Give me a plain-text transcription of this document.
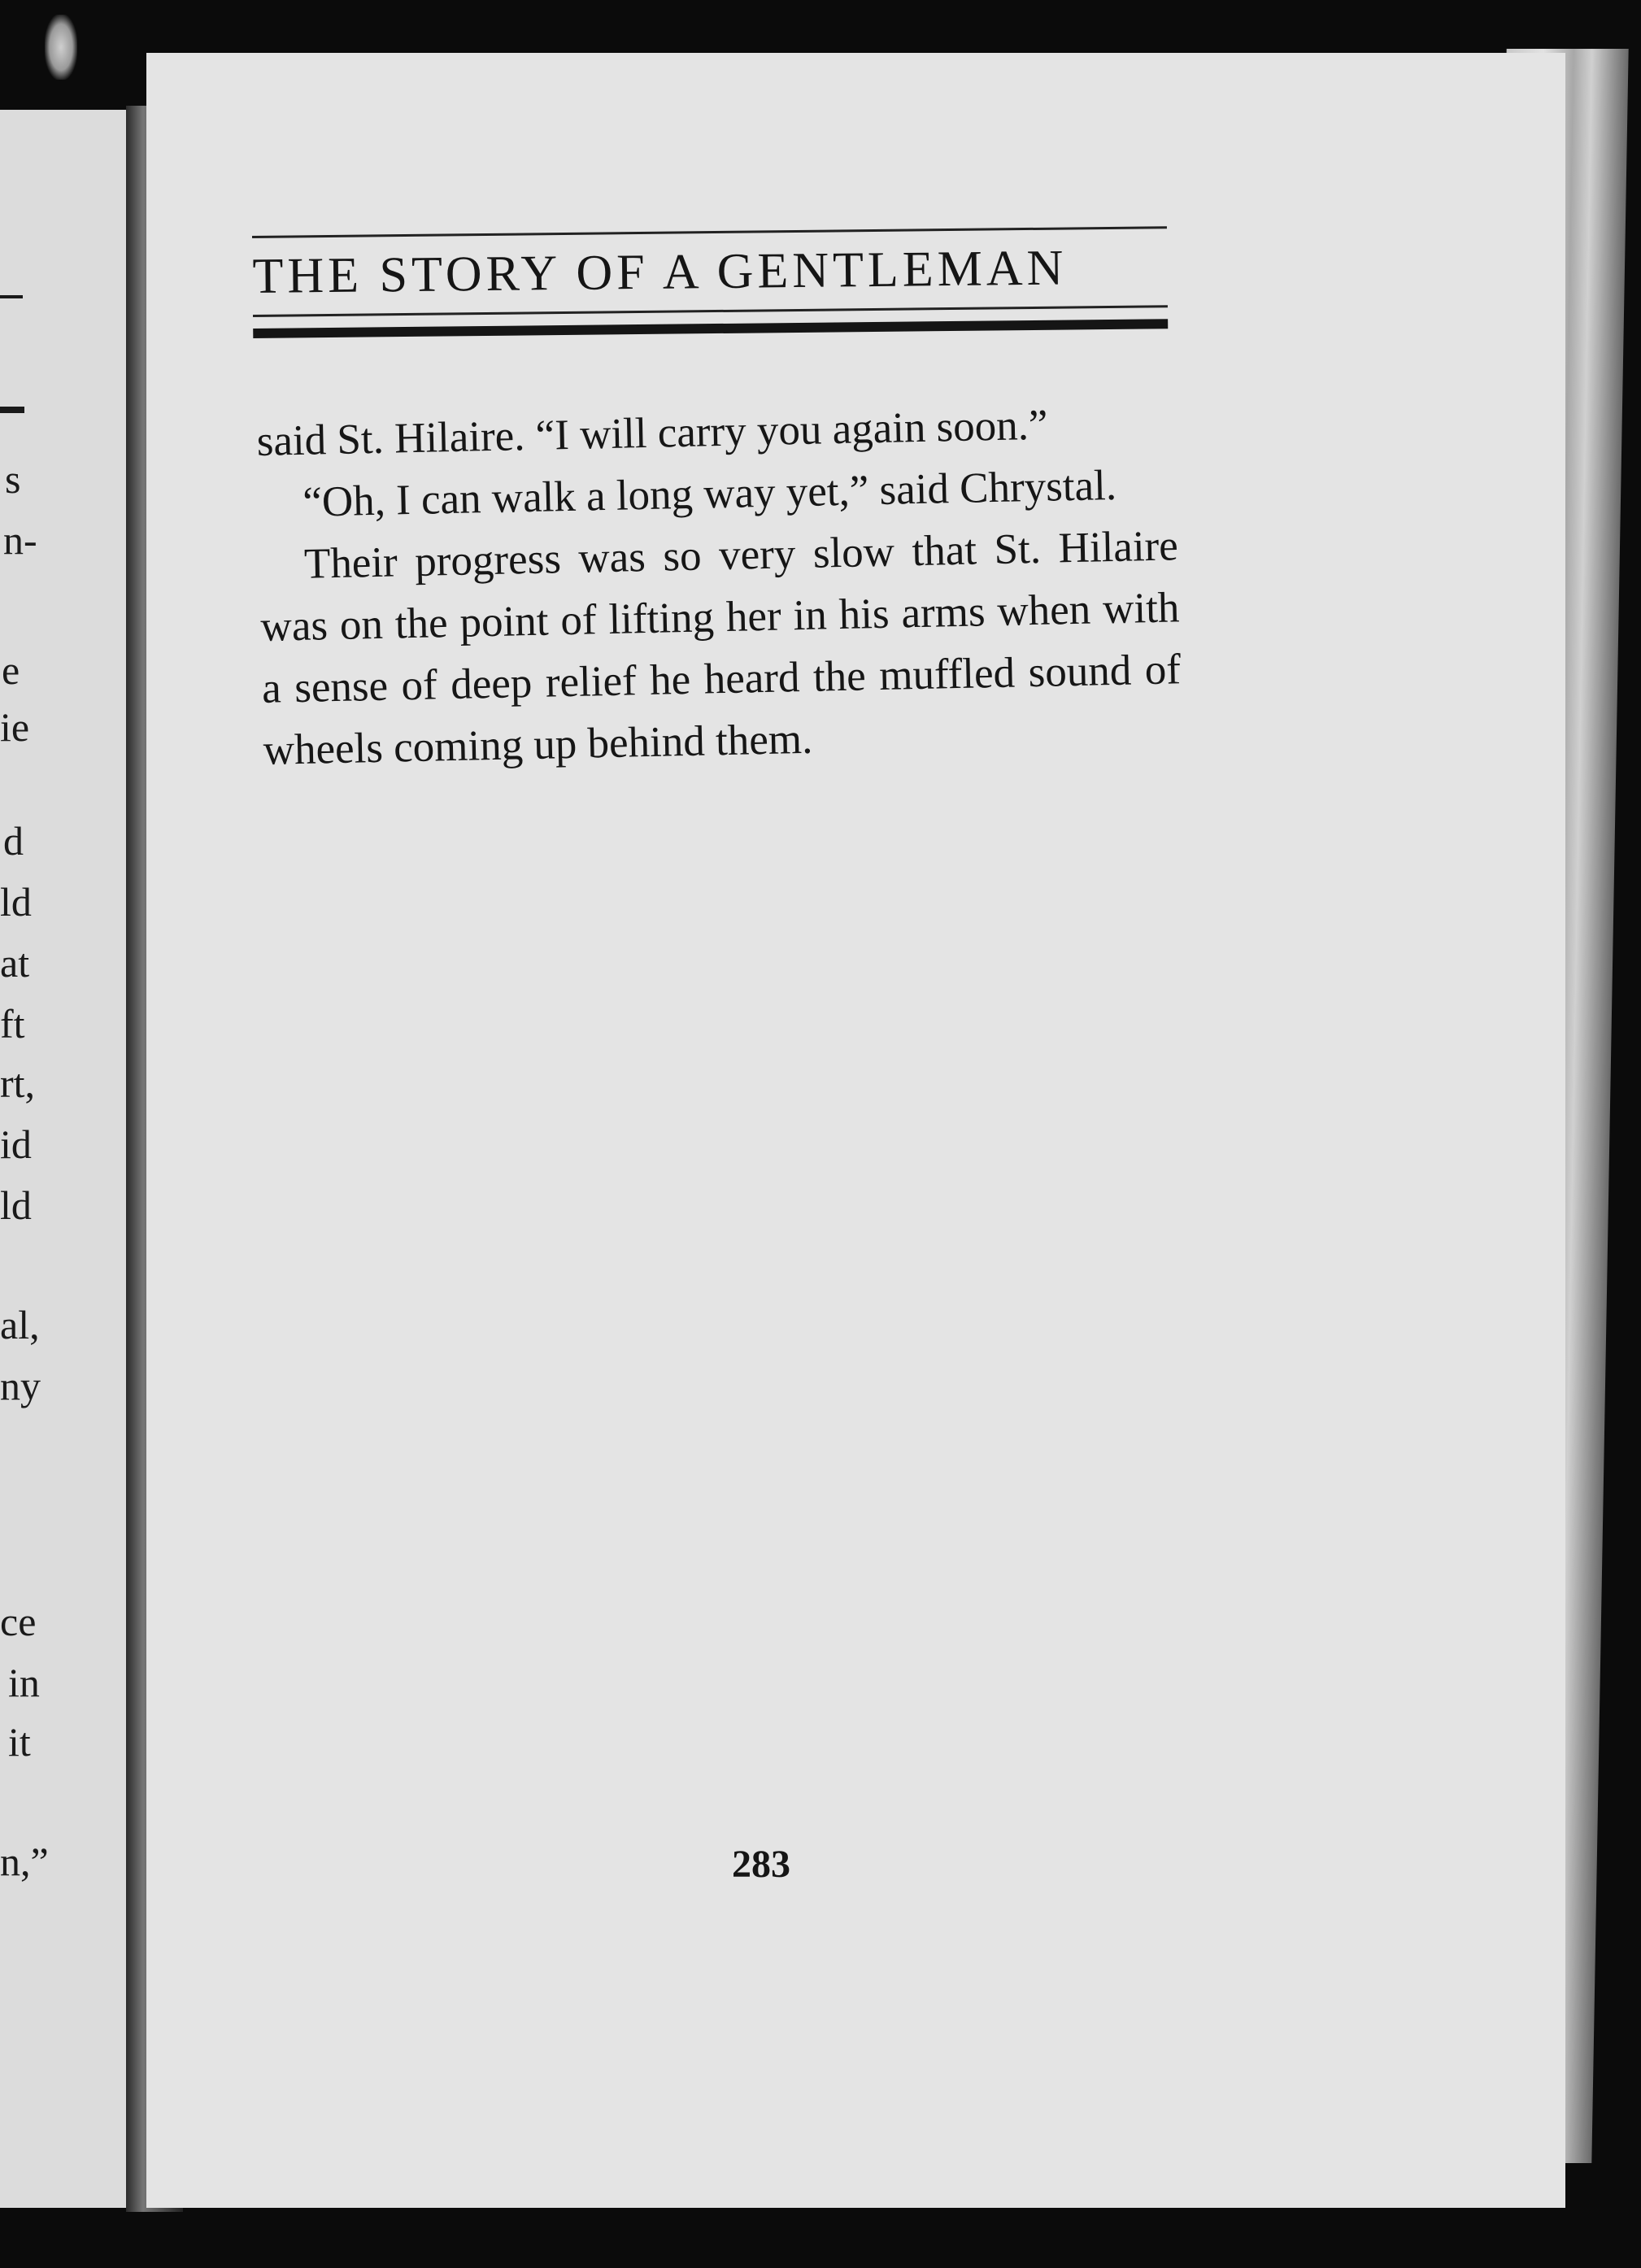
s
n-
e
ie
d
ld
at
ft
rt,
id
ld
al,
ny
ce
in
it
n,”
THE STORY OF A GENTLEMAN

said St. Hilaire. “I will carry you again soon.”

“Oh, I can walk a long way yet,” said Chrystal.

Their progress was so very slow that St. Hilaire was on the point of lifting her in his arms when with a sense of deep relief he heard the muffled sound of wheels coming up behind them.

283
